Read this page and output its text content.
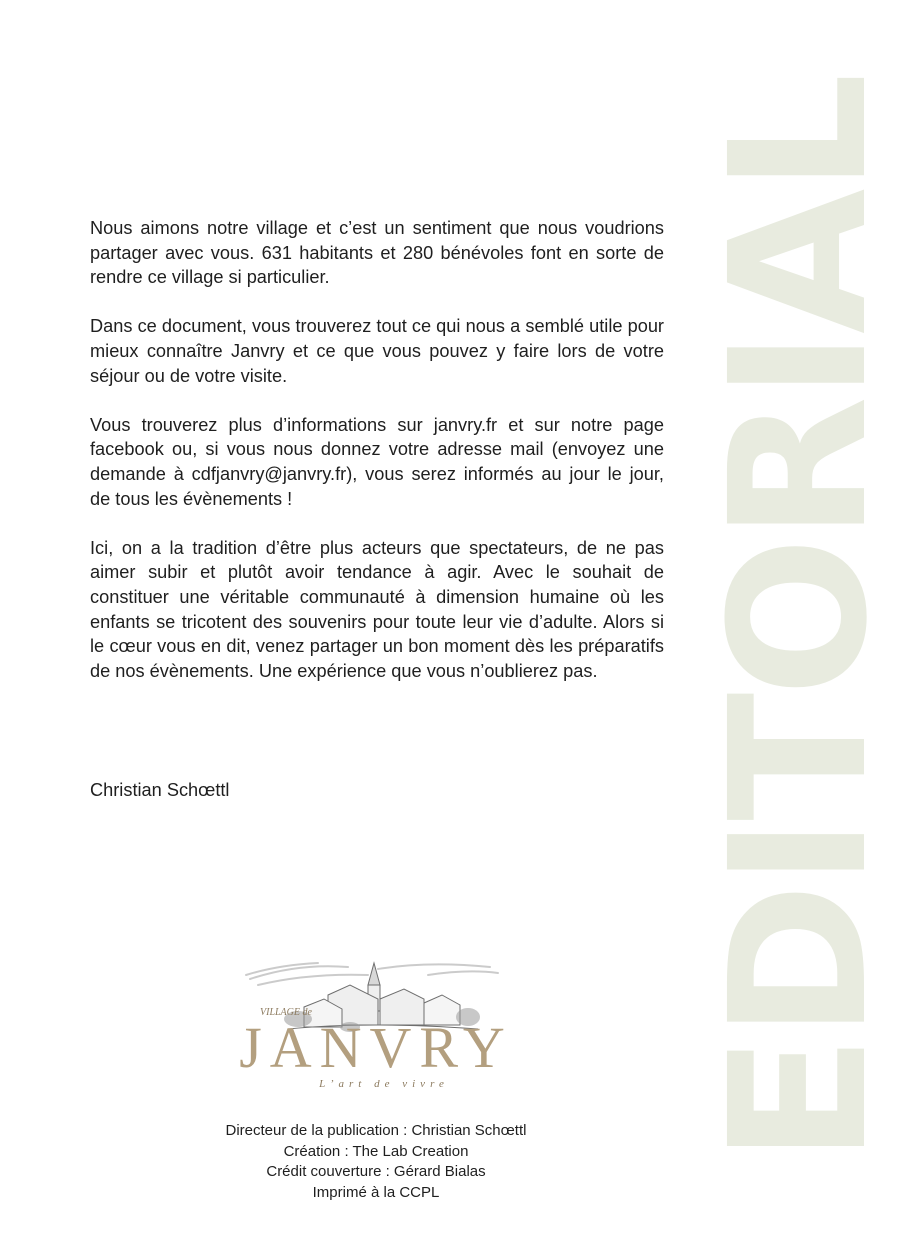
EDITORIAL

Nous aimons notre village et c’est un sentiment que nous voudrions partager avec vous. 631 habitants et 280 bénévoles font en sorte de rendre ce village si particulier.

Dans ce document, vous trouverez tout ce qui nous a semblé utile pour mieux connaître Janvry et ce que vous pouvez y faire lors de votre séjour ou de votre visite.

Vous trouverez plus d’informations sur janvry.fr et sur notre page facebook ou, si vous nous donnez votre adresse mail (envoyez une demande à cdfjanvry@janvry.fr), vous serez informés au jour le jour, de tous les évènements !

Ici, on a la tradition d’être plus acteurs que spectateurs, de ne pas aimer subir et plutôt avoir tendance à agir. Avec le souhait de constituer une véritable communauté à dimension humaine où les enfants se tricotent des souvenirs pour toute leur vie d’adulte. Alors si le cœur vous en dit, venez partager un bon moment dès les préparatifs de nos évènements. Une expérience que vous n’oublierez pas.

Christian Schœttl
VILLAGE de
JANVRY
L’art de vivre
Directeur de la publication : Christian Schœttl
Création : The Lab Creation
Crédit couverture : Gérard Bialas
Imprimé à la CCPL
